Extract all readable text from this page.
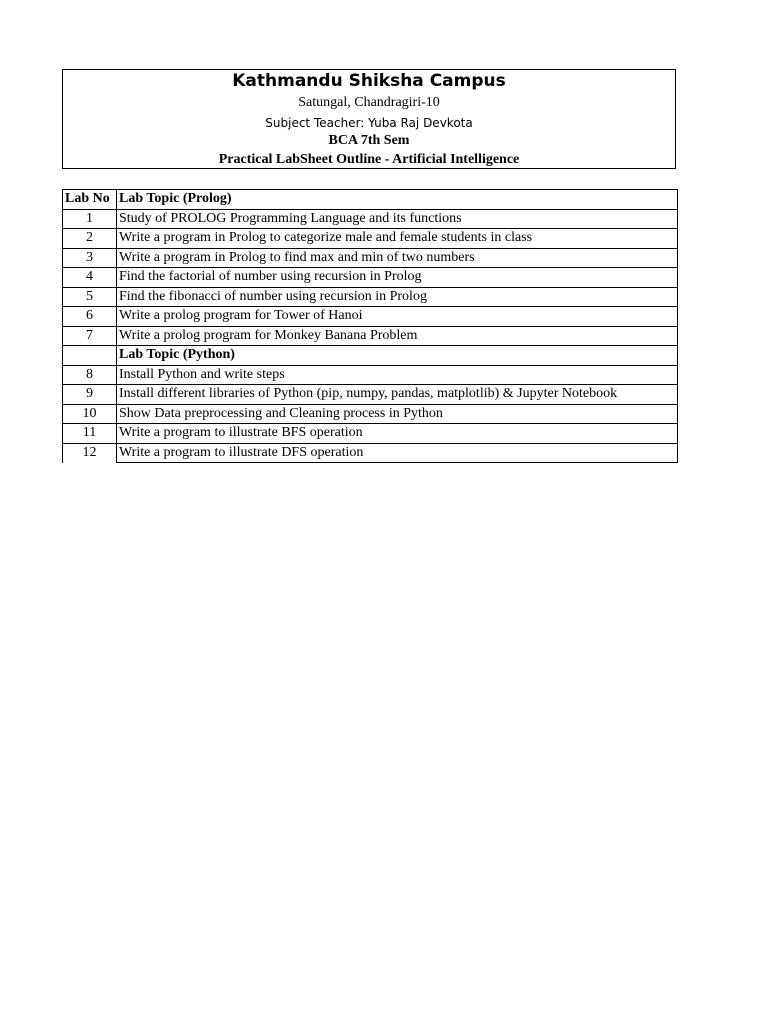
Kathmandu Shiksha Campus
Satungal, Chandragiri-10
Subject Teacher: Yuba Raj Devkota
BCA 7th Sem
Practical LabSheet Outline - Artificial Intelligence
Lab No	Lab Topic (Prolog)
1	Study of PROLOG Programming Language and its functions
2	Write a program in Prolog to categorize male and female students in class
3	Write a program in Prolog to find max and min of two numbers
4	Find the factorial of number using recursion in Prolog
5	Find the fibonacci of number using recursion in Prolog
6	Write a prolog program for Tower of Hanoi
7	Write a prolog program for Monkey Banana Problem
	Lab Topic (Python)
8	Install Python and write steps
9	Install different libraries of Python (pip, numpy, pandas, matplotlib) & Jupyter Notebook
10	Show Data preprocessing and Cleaning process in Python
11	Write a program to illustrate BFS operation
12	Write a program to illustrate DFS operation
